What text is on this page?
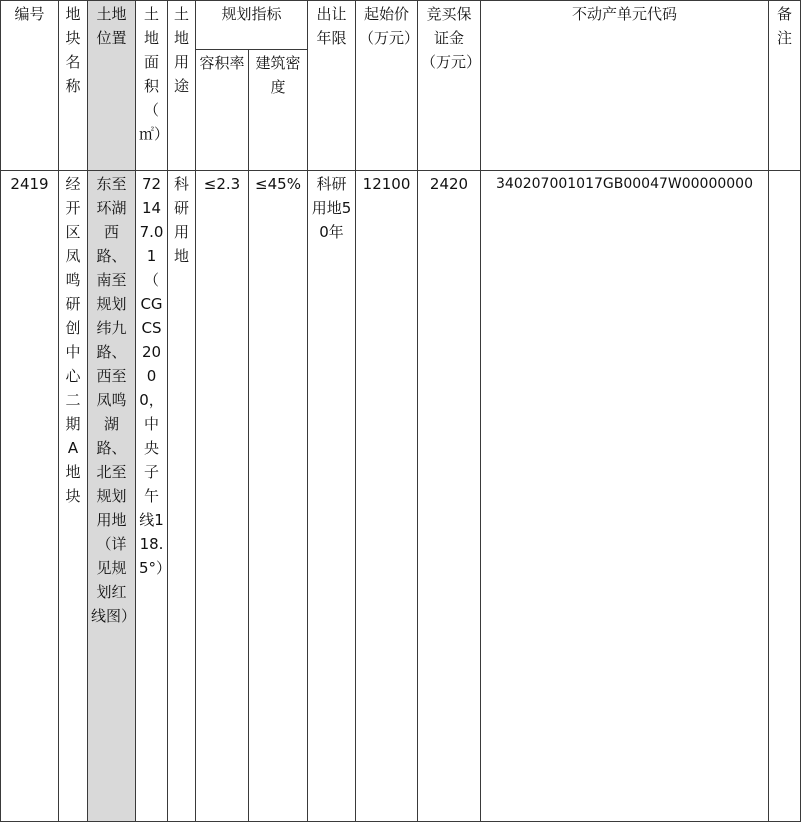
编号	地块名称	土地位置	土地面积（㎡）	土地用途	规划指标		出让年限	起始价（万元）	竞买保证金（万元）	不动产单元代码	备注
					容积率	建筑密度					
2419	经开区凤鸣研创中心二期A地块	东至环湖西路、南至规划纬九路、西至凤鸣湖路、北至规划用地（详见规划红线图）	72147.01（CGCS2000，中央子午线118.5°）	科研用地	≤2.3	≤45%	科研用地50年	12100	2420	340207001017GB00047W00000000	
